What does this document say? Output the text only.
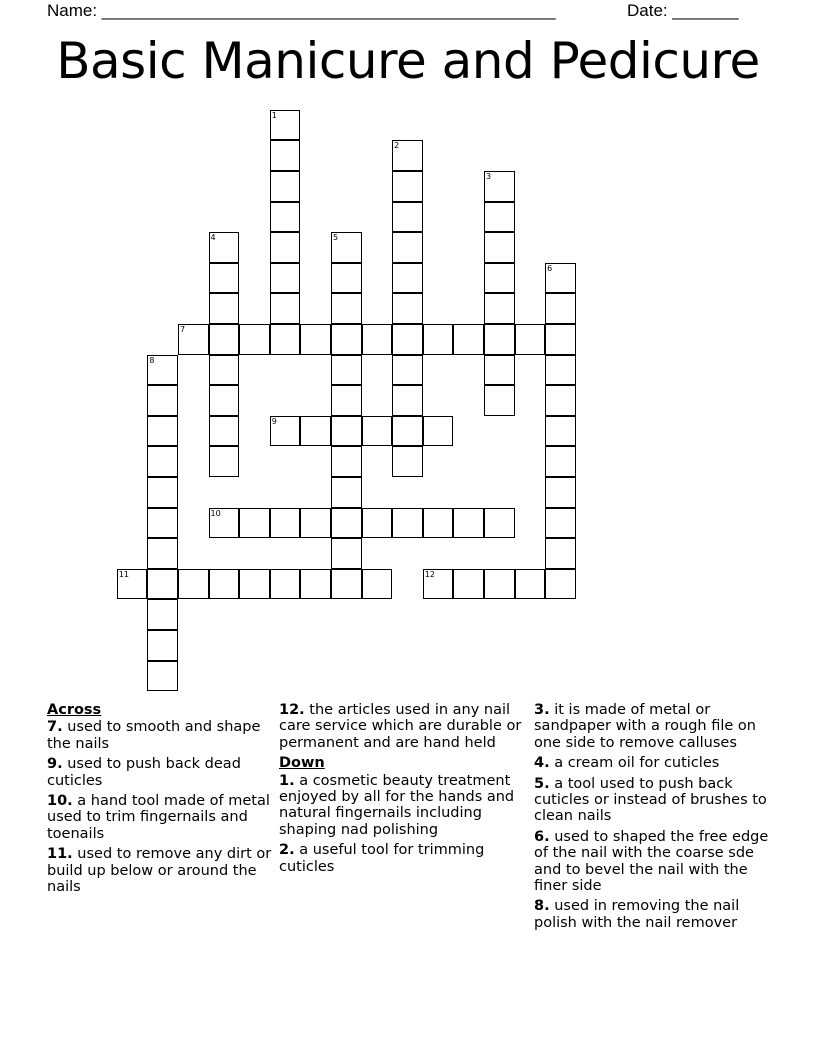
Name: ________________________________________________	Date: _______
Basic Manicure and Pedicure
1
2
3
4	5
6
7
8
9
10
11	12
Across
7. used to smooth and shape the nails
9. used to push back dead cuticles
10. a hand tool made of metal used to trim fingernails and toenails
11. used to remove any dirt or build up below or around the nails
12. the articles used in any nail care service which are durable or permanent and are hand held
Down
1. a cosmetic beauty treatment enjoyed by all for the hands and natural fingernails including shaping nad polishing
2. a useful tool for trimming cuticles
3. it is made of metal or sandpaper with a rough file on one side to remove calluses
4. a cream oil for cuticles
5. a tool used to push back cuticles or instead of brushes to clean nails
6. used to shaped the free edge of the nail with the coarse sde and to bevel the nail with the finer side
8. used in removing the nail polish with the nail remover
